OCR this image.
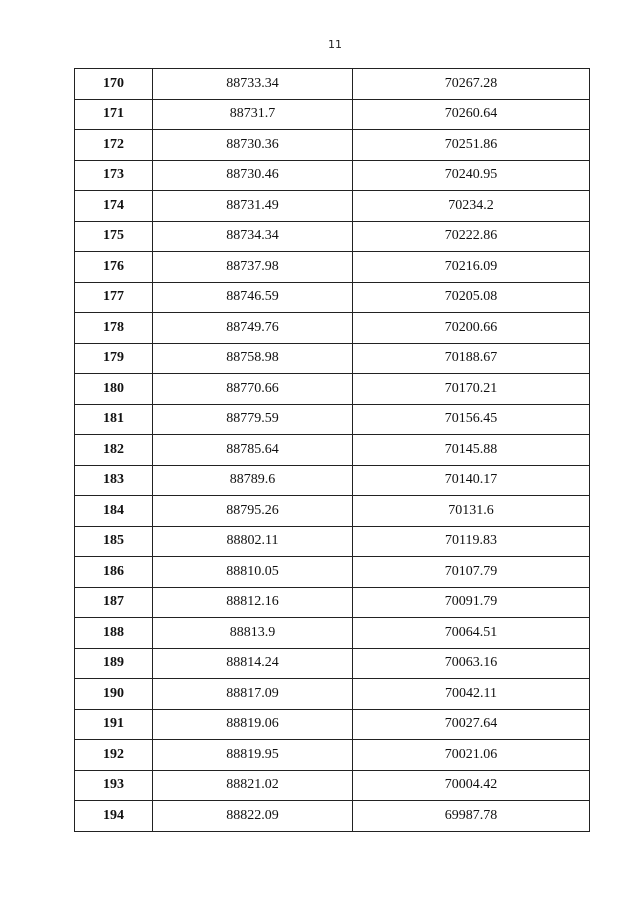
11
170	88733.34	70267.28
171	88731.7	70260.64
172	88730.36	70251.86
173	88730.46	70240.95
174	88731.49	70234.2
175	88734.34	70222.86
176	88737.98	70216.09
177	88746.59	70205.08
178	88749.76	70200.66
179	88758.98	70188.67
180	88770.66	70170.21
181	88779.59	70156.45
182	88785.64	70145.88
183	88789.6	70140.17
184	88795.26	70131.6
185	88802.11	70119.83
186	88810.05	70107.79
187	88812.16	70091.79
188	88813.9	70064.51
189	88814.24	70063.16
190	88817.09	70042.11
191	88819.06	70027.64
192	88819.95	70021.06
193	88821.02	70004.42
194	88822.09	69987.78
